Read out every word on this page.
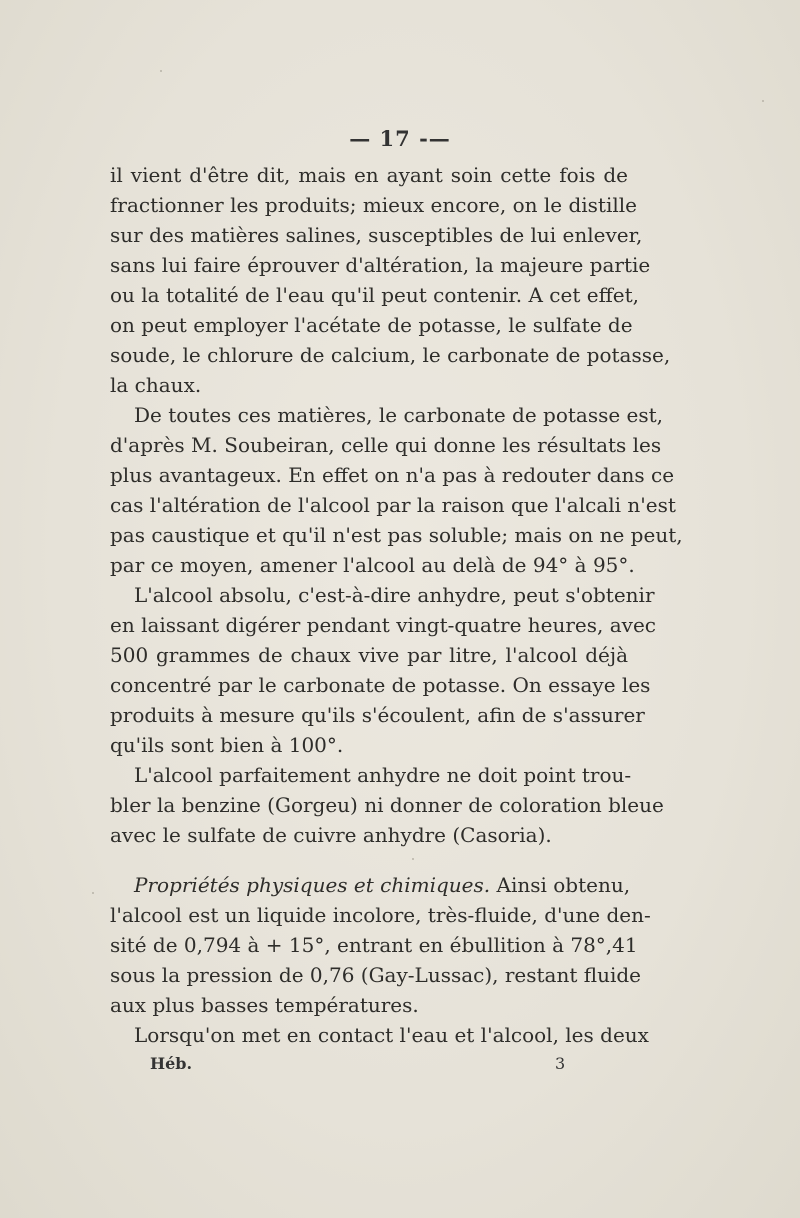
— 17 -—
il vient d'être dit, mais en ayant soin cette fois de
fractionner les produits; mieux encore, on le distille
sur des matières salines, susceptibles de lui enlever,
sans lui faire éprouver d'altération, la majeure partie
ou la totalité de l'eau qu'il peut contenir. A cet effet,
on peut employer l'acétate de potasse, le sulfate de
soude, le chlorure de calcium, le carbonate de potasse,
la chaux.
De toutes ces matières, le carbonate de potasse est,
d'après M. Soubeiran, celle qui donne les résultats les
plus avantageux. En effet on n'a pas à redouter dans ce
cas l'altération de l'alcool par la raison que l'alcali n'est
pas caustique et qu'il n'est pas soluble; mais on ne peut,
par ce moyen, amener l'alcool au delà de 94° à 95°.
L'alcool absolu, c'est-à-dire anhydre, peut s'obtenir
en laissant digérer pendant vingt-quatre heures, avec
500 grammes de chaux vive par litre, l'alcool déjà
concentré par le carbonate de potasse. On essaye les
produits à mesure qu'ils s'écoulent, afin de s'assurer
qu'ils sont bien à 100°.
L'alcool parfaitement anhydre ne doit point trou-
bler la benzine (Gorgeu) ni donner de coloration bleue
avec le sulfate de cuivre anhydre (Casoria).
Propriétés physiques et chimiques. Ainsi obtenu,
l'alcool est un liquide incolore, très-fluide, d'une den-
sité de 0,794 à + 15°, entrant en ébullition à 78°,41
sous la pression de 0,76 (Gay-Lussac), restant fluide
aux plus basses températures.
Lorsqu'on met en contact l'eau et l'alcool, les deux
Héb.	3
